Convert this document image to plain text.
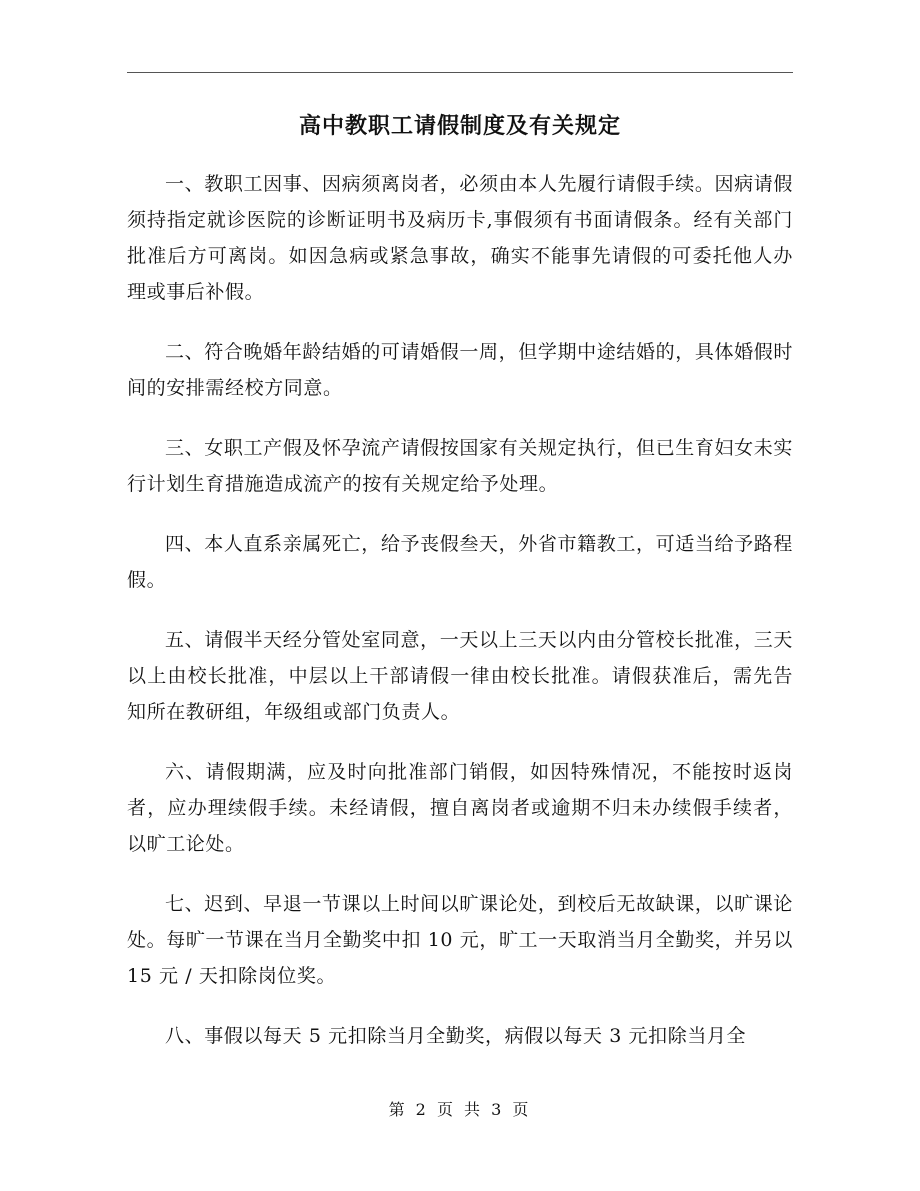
高中教职工请假制度及有关规定

一、教职工因事、因病须离岗者，必须由本人先履行请假手续。因病请假须持指定就诊医院的诊断证明书及病历卡,事假须有书面请假条。经有关部门批准后方可离岗。如因急病或紧急事故，确实不能事先请假的可委托他人办理或事后补假。

二、符合晚婚年龄结婚的可请婚假一周，但学期中途结婚的，具体婚假时间的安排需经校方同意。

三、女职工产假及怀孕流产请假按国家有关规定执行，但已生育妇女未实行计划生育措施造成流产的按有关规定给予处理。

四、本人直系亲属死亡，给予丧假叁天，外省市籍教工，可适当给予路程假。

五、请假半天经分管处室同意，一天以上三天以内由分管校长批准，三天以上由校长批准，中层以上干部请假一律由校长批准。请假获准后，需先告知所在教研组，年级组或部门负责人。

六、请假期满，应及时向批准部门销假，如因特殊情况，不能按时返岗者，应办理续假手续。未经请假，擅自离岗者或逾期不归未办续假手续者，以旷工论处。

七、迟到、早退一节课以上时间以旷课论处，到校后无故缺课，以旷课论处。每旷一节课在当月全勤奖中扣 10 元，旷工一天取消当月全勤奖，并另以 15 元 / 天扣除岗位奖。

八、事假以每天 5 元扣除当月全勤奖，病假以每天 3 元扣除当月全

第 2 页 共 3 页
